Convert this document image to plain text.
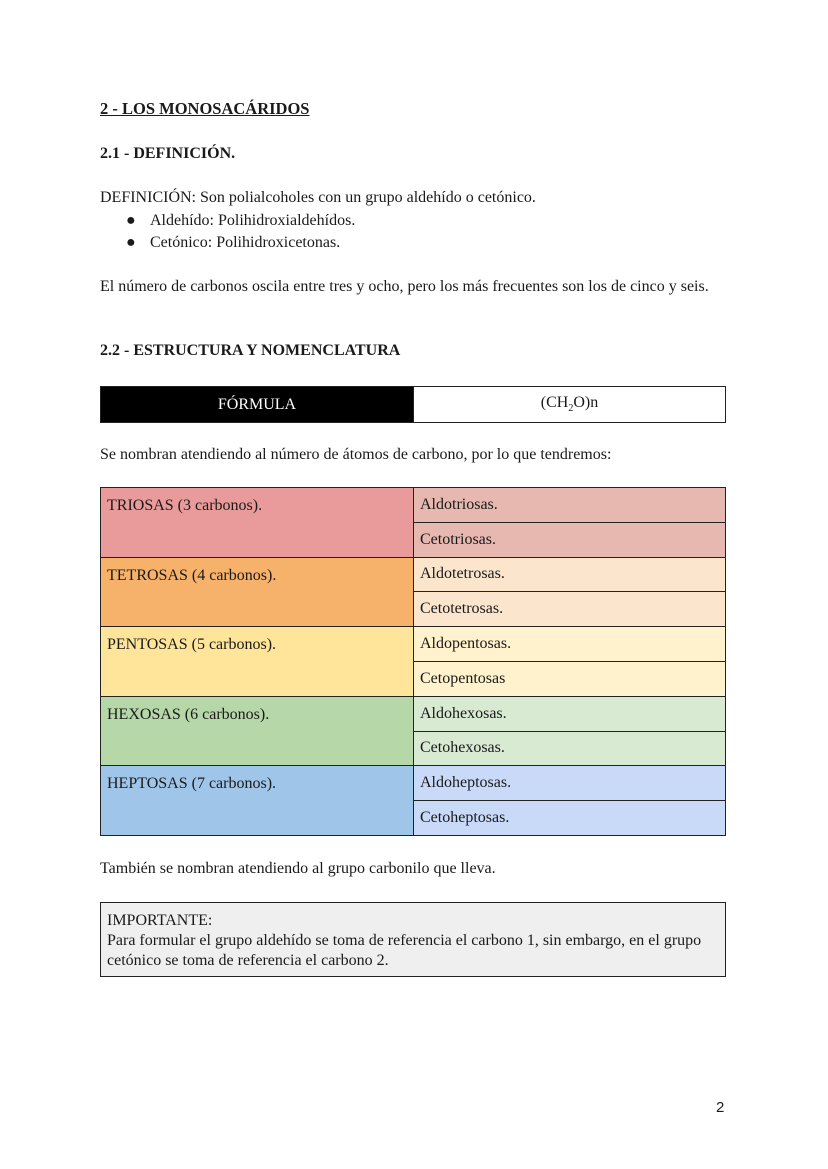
2 - LOS MONOSACÁRIDOS
2.1 - DEFINICIÓN.
DEFINICIÓN: Son polialcoholes con un grupo aldehído o cetónico.
● Aldehído: Polihidroxialdehídos.
● Cetónico: Polihidroxicetonas.
El número de carbonos oscila entre tres y ocho, pero los más frecuentes son los de cinco y seis.
2.2 - ESTRUCTURA Y NOMENCLATURA
FÓRMULA	$(CH_2O)n$
Se nombran atendiendo al número de átomos de carbono, por lo que tendremos:
TRIOSAS (3 carbonos).	Aldotriosas.
	Cetotriosas.
TETROSAS (4 carbonos).	Aldotetrosas.
	Cetotetrosas.
PENTOSAS (5 carbonos).	Aldopentosas.
	Cetopentosas
HEXOSAS (6 carbonos).	Aldohexosas.
	Cetohexosas.
HEPTOSAS (7 carbonos).	Aldoheptosas.
	Cetoheptosas.
También se nombran atendiendo al grupo carbonilo que lleva.
IMPORTANTE:
Para formular el grupo aldehído se toma de referencia el carbono 1, sin embargo, en el grupo cetónico se toma de referencia el carbono 2.
2
